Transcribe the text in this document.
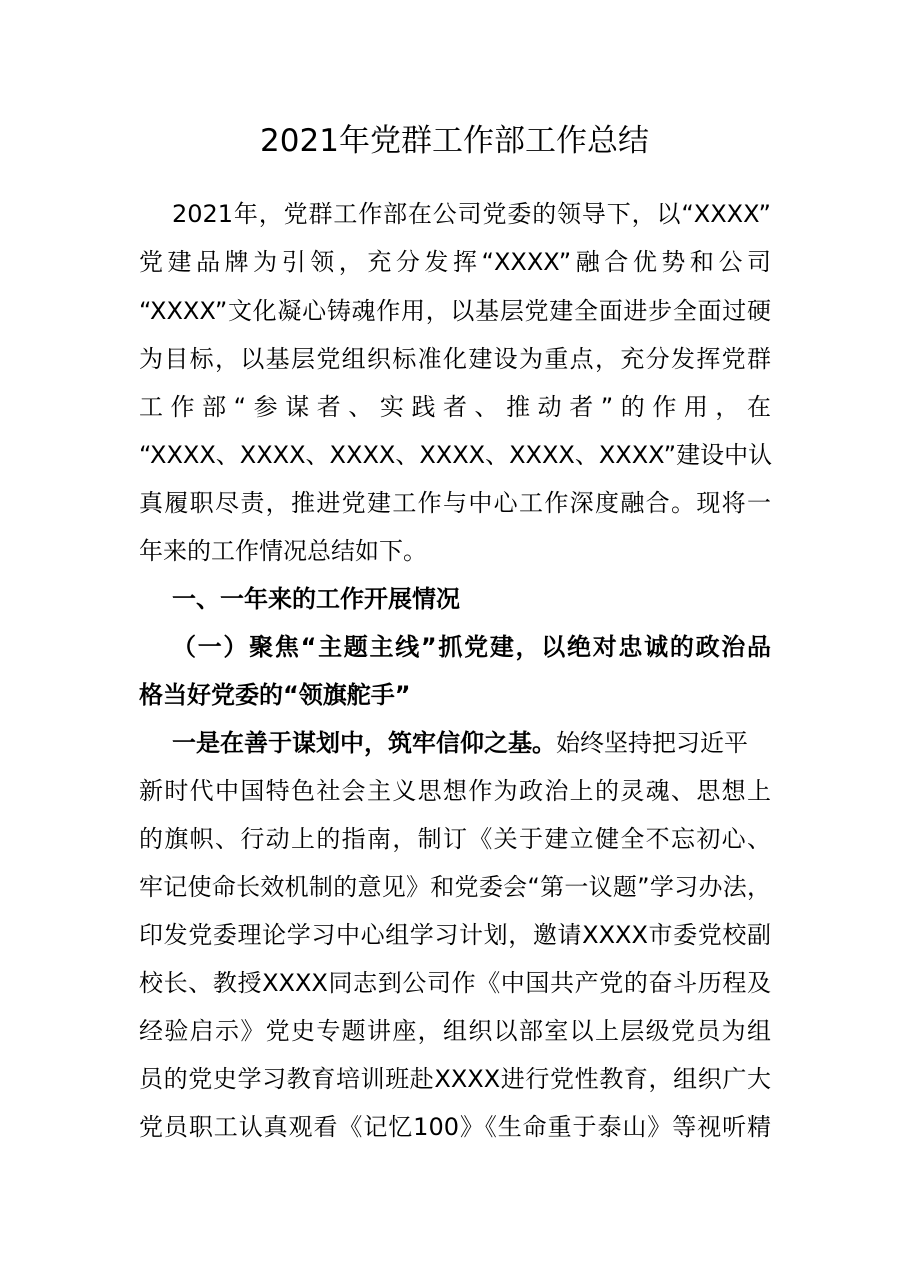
2021年党群工作部工作总结
2021年，党群工作部在公司党委的领导下，以“XXXX”
党建品牌为引领，充分发挥“XXXX”融合优势和公司
“XXXX”文化凝心铸魂作用，以基层党建全面进步全面过硬
为目标，以基层党组织标准化建设为重点，充分发挥党群
工作部“参谋者、实践者、推动者”的作用，在
“XXXX、XXXX、XXXX、XXXX、XXXX、XXXX”建设中认
真履职尽责，推进党建工作与中心工作深度融合。现将一
年来的工作情况总结如下。
一、一年来的工作开展情况
（一）聚焦“主题主线”抓党建，以绝对忠诚的政治品
格当好党委的“领旗舵手”
一是在善于谋划中，筑牢信仰之基。始终坚持把习近平
新时代中国特色社会主义思想作为政治上的灵魂、思想上
的旗帜、行动上的指南，制订《关于建立健全不忘初心、
牢记使命长效机制的意见》和党委会“第一议题”学习办法，
印发党委理论学习中心组学习计划，邀请XXXX市委党校副
校长、教授XXXX同志到公司作《中国共产党的奋斗历程及
经验启示》党史专题讲座，组织以部室以上层级党员为组
员的党史学习教育培训班赴XXXX进行党性教育，组织广大
党员职工认真观看《记忆100》《生命重于泰山》等视听精
